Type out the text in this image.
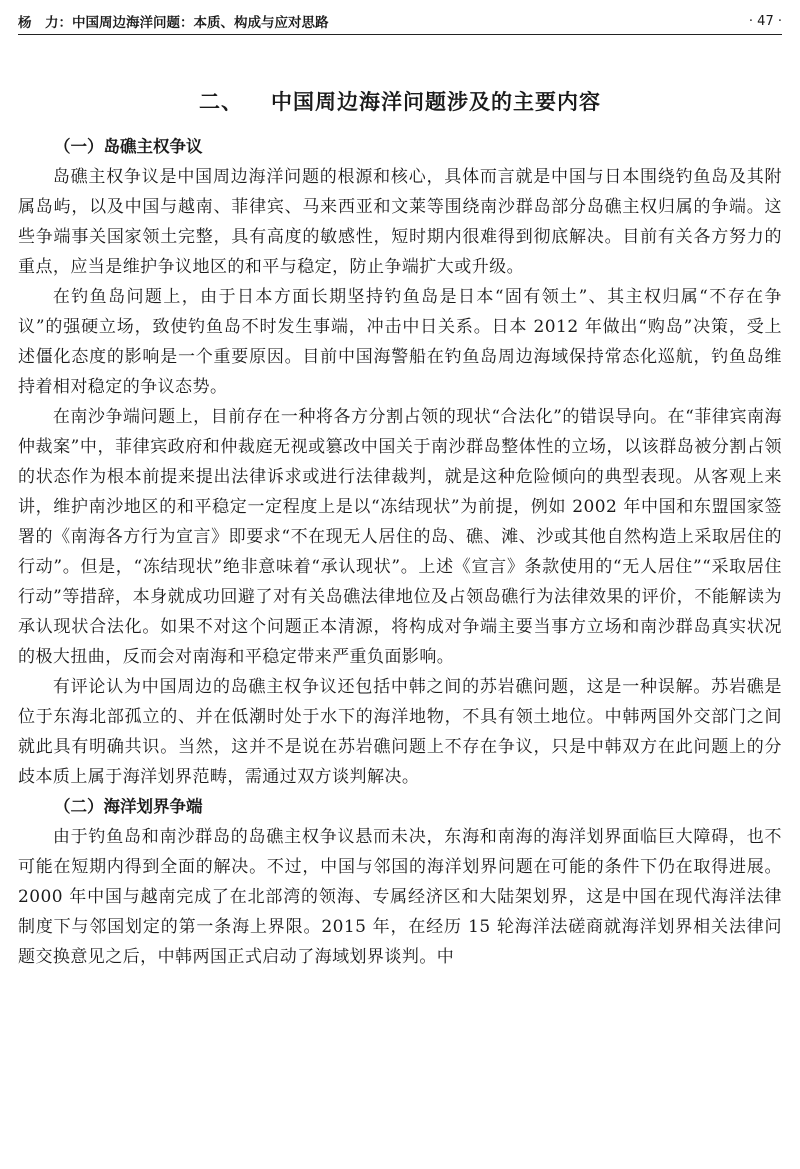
杨　力：中国周边海洋问题：本质、构成与应对思路	· 47 ·
二、 中国周边海洋问题涉及的主要内容
（一）岛礁主权争议

岛礁主权争议是中国周边海洋问题的根源和核心，具体而言就是中国与日本围绕钓鱼岛及其附属岛屿，以及中国与越南、菲律宾、马来西亚和文莱等围绕南沙群岛部分岛礁主权归属的争端。这些争端事关国家领土完整，具有高度的敏感性，短时期内很难得到彻底解决。目前有关各方努力的重点，应当是维护争议地区的和平与稳定，防止争端扩大或升级。

在钓鱼岛问题上，由于日本方面长期坚持钓鱼岛是日本“固有领土”、其主权归属“不存在争议”的强硬立场，致使钓鱼岛不时发生事端，冲击中日关系。日本 2012 年做出“购岛”决策，受上述僵化态度的影响是一个重要原因。目前中国海警船在钓鱼岛周边海域保持常态化巡航，钓鱼岛维持着相对稳定的争议态势。

在南沙争端问题上，目前存在一种将各方分割占领的现状“合法化”的错误导向。在“菲律宾南海仲裁案”中，菲律宾政府和仲裁庭无视或篡改中国关于南沙群岛整体性的立场，以该群岛被分割占领的状态作为根本前提来提出法律诉求或进行法律裁判，就是这种危险倾向的典型表现。从客观上来讲，维护南沙地区的和平稳定一定程度上是以“冻结现状”为前提，例如 2002 年中国和东盟国家签署的《南海各方行为宣言》即要求“不在现无人居住的岛、礁、滩、沙或其他自然构造上采取居住的行动”。但是，“冻结现状”绝非意味着“承认现状”。上述《宣言》条款使用的“无人居住”“采取居住行动”等措辞，本身就成功回避了对有关岛礁法律地位及占领岛礁行为法律效果的评价，不能解读为承认现状合法化。如果不对这个问题正本清源，将构成对争端主要当事方立场和南沙群岛真实状况的极大扭曲，反而会对南海和平稳定带来严重负面影响。

有评论认为中国周边的岛礁主权争议还包括中韩之间的苏岩礁问题，这是一种误解。苏岩礁是位于东海北部孤立的、并在低潮时处于水下的海洋地物，不具有领土地位。中韩两国外交部门之间就此具有明确共识。当然，这并不是说在苏岩礁问题上不存在争议，只是中韩双方在此问题上的分歧本质上属于海洋划界范畴，需通过双方谈判解决。

（二）海洋划界争端

由于钓鱼岛和南沙群岛的岛礁主权争议悬而未决，东海和南海的海洋划界面临巨大障碍，也不可能在短期内得到全面的解决。不过，中国与邻国的海洋划界问题在可能的条件下仍在取得进展。2000 年中国与越南完成了在北部湾的领海、专属经济区和大陆架划界，这是中国在现代海洋法律制度下与邻国划定的第一条海上界限。2015 年，在经历 15 轮海洋法磋商就海洋划界相关法律问题交换意见之后，中韩两国正式启动了海域划界谈判。中
